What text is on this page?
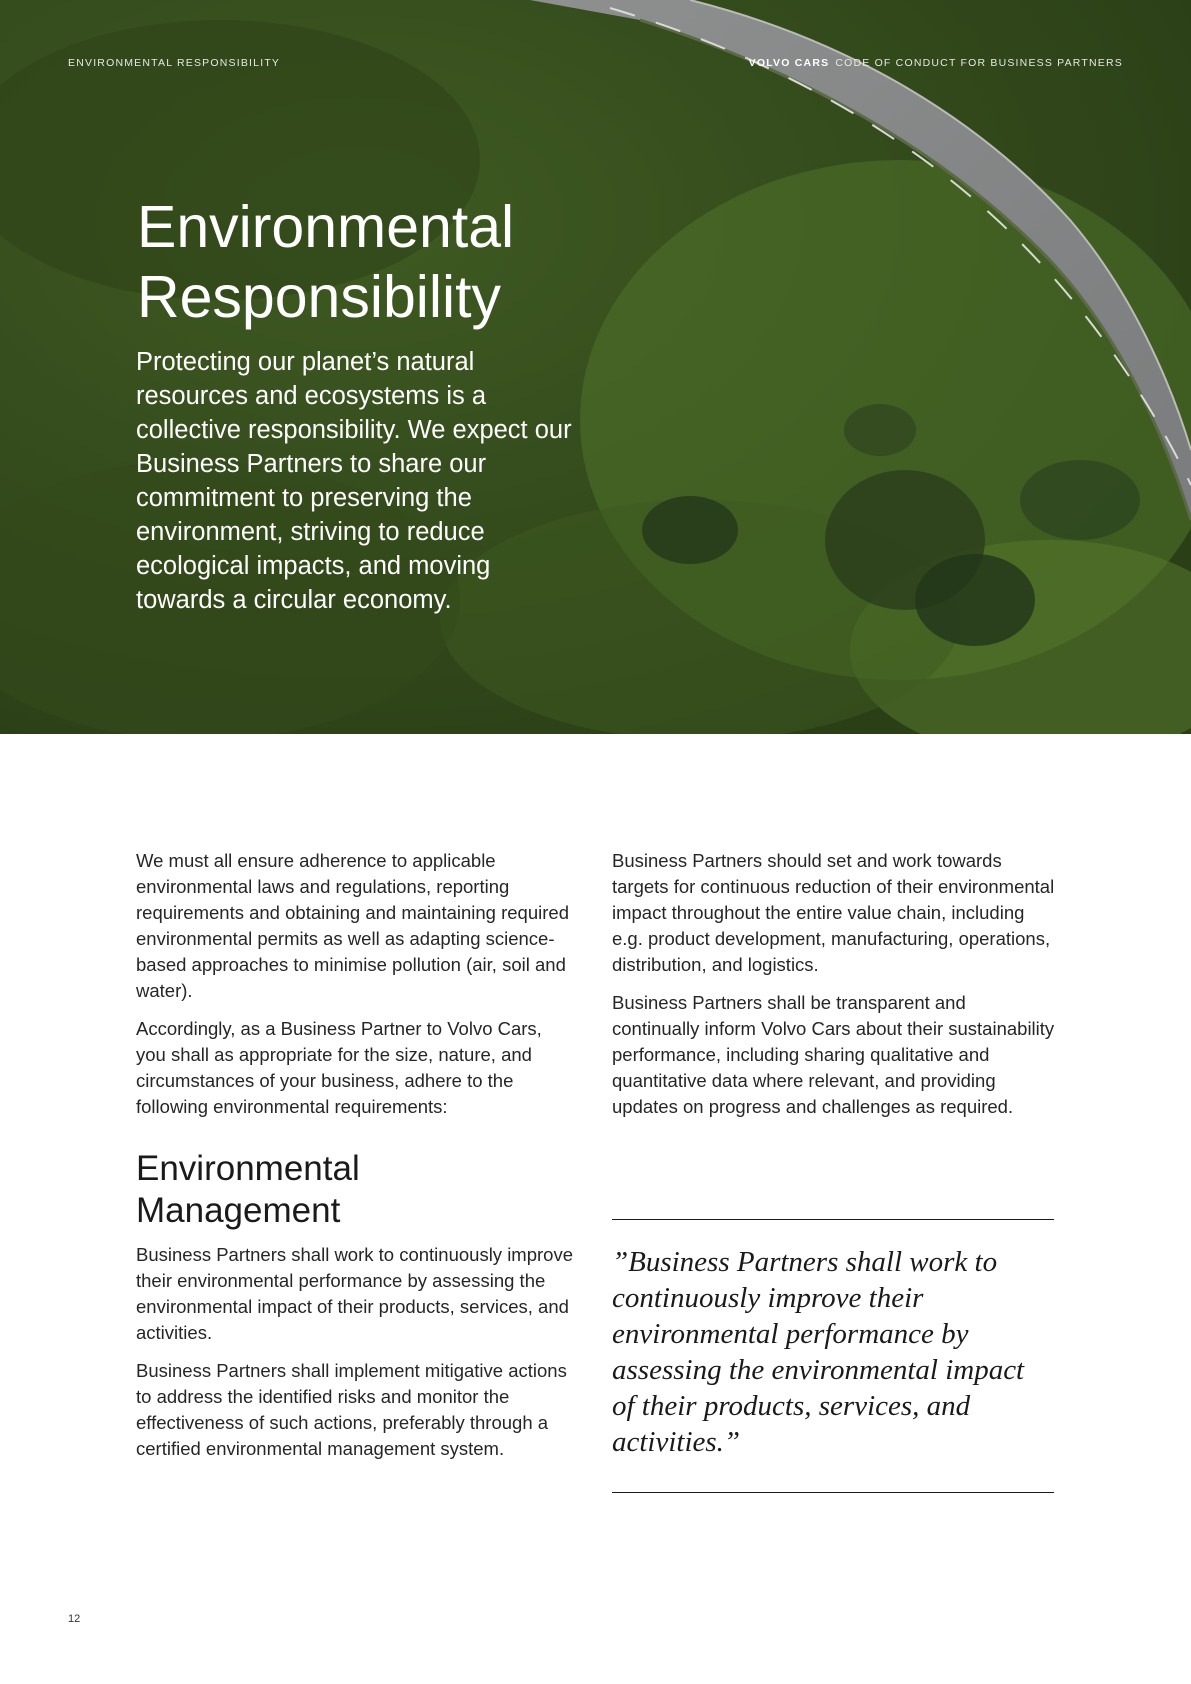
ENVIRONMENTAL RESPONSIBILITY	VOLVO CARS CODE OF CONDUCT FOR BUSINESS PARTNERS
Environmental
Responsibility

Protecting our planet’s natural resources and ecosystems is a collective responsibility. We expect our Business Partners to share our commitment to preserving the environment, striving to reduce ecological impacts, and moving towards a circular economy.

We must all ensure adherence to applicable environmental laws and regulations, reporting requirements and obtaining and maintaining required environmental permits as well as adapting science-based approaches to minimise pollution (air, soil and water).

Accordingly, as a Business Partner to Volvo Cars, you shall as appropriate for the size, nature, and circumstances of your business, adhere to the following environmental requirements:

Environmental
Management

Business Partners shall work to continuously improve their environmental performance by assessing the environmental impact of their products, services, and activities.

Business Partners shall implement mitigative actions to address the identified risks and monitor the effectiveness of such actions, preferably through a certified environmental management system.

Business Partners should set and work towards targets for continuous reduction of their environmental impact throughout the entire value chain, including e.g. product development, manufacturing, operations, distribution, and logistics.

Business Partners shall be transparent and continually inform Volvo Cars about their sustainability performance, including sharing qualitative and quantitative data where relevant, and providing updates on progress and challenges as required.

”Business Partners shall work to continuously improve their environmental performance by assessing the environmental impact of their products, services, and activities.”

12
